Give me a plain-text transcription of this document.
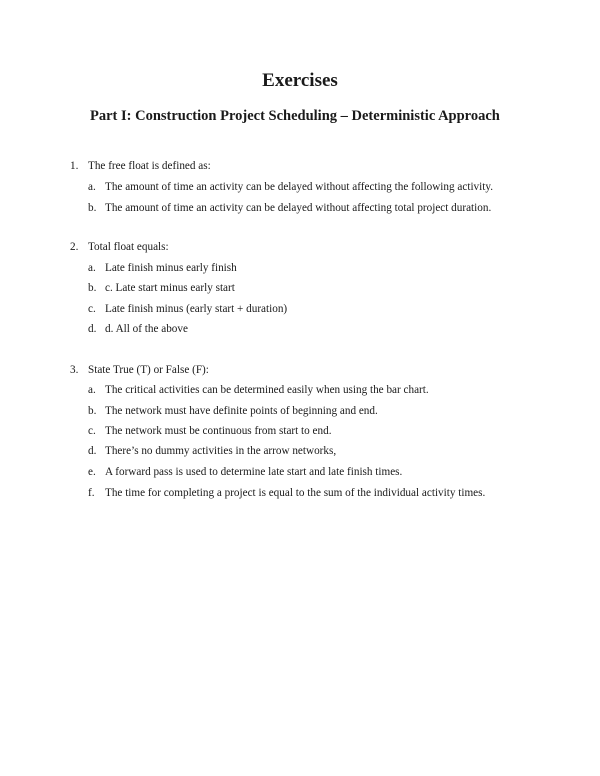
Exercises
Part I: Construction Project Scheduling – Deterministic Approach
1. The free float is defined as:
a. The amount of time an activity can be delayed without affecting the following activity.
b. The amount of time an activity can be delayed without affecting total project duration.
2. Total float equals:
a. Late finish minus early finish
b. c. Late start minus early start
c. Late finish minus (early start + duration)
d. d. All of the above
3. State True (T) or False (F):
a. The critical activities can be determined easily when using the bar chart.
b. The network must have definite points of beginning and end.
c. The network must be continuous from start to end.
d. There’s no dummy activities in the arrow networks,
e. A forward pass is used to determine late start and late finish times.
f. The time for completing a project is equal to the sum of the individual activity times.
